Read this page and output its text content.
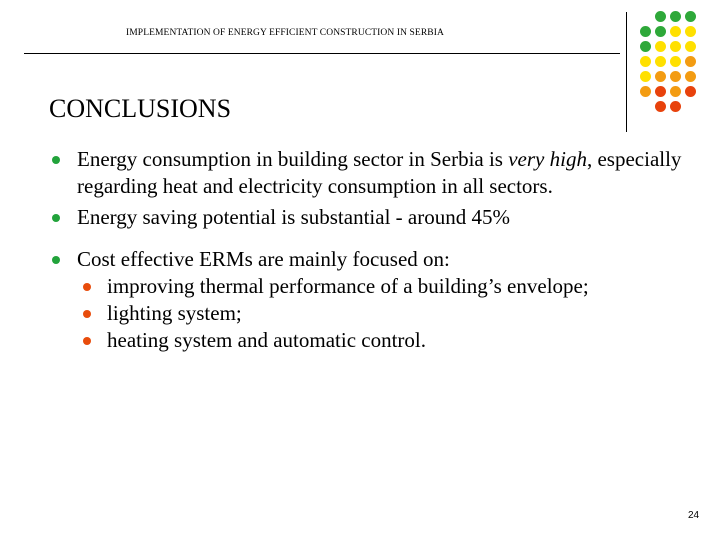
IMPLEMENTATION OF ENERGY EFFICIENT CONSTRUCTION IN SERBIA
CONCLUSIONS
Energy consumption in building sector in Serbia is very high, especially regarding heat and electricity consumption in all sectors.
Energy saving potential is substantial - around 45%
Cost effective ERMs are mainly focused on:
improving thermal performance of a building’s envelope;
lighting system;
heating system and automatic control.
24
